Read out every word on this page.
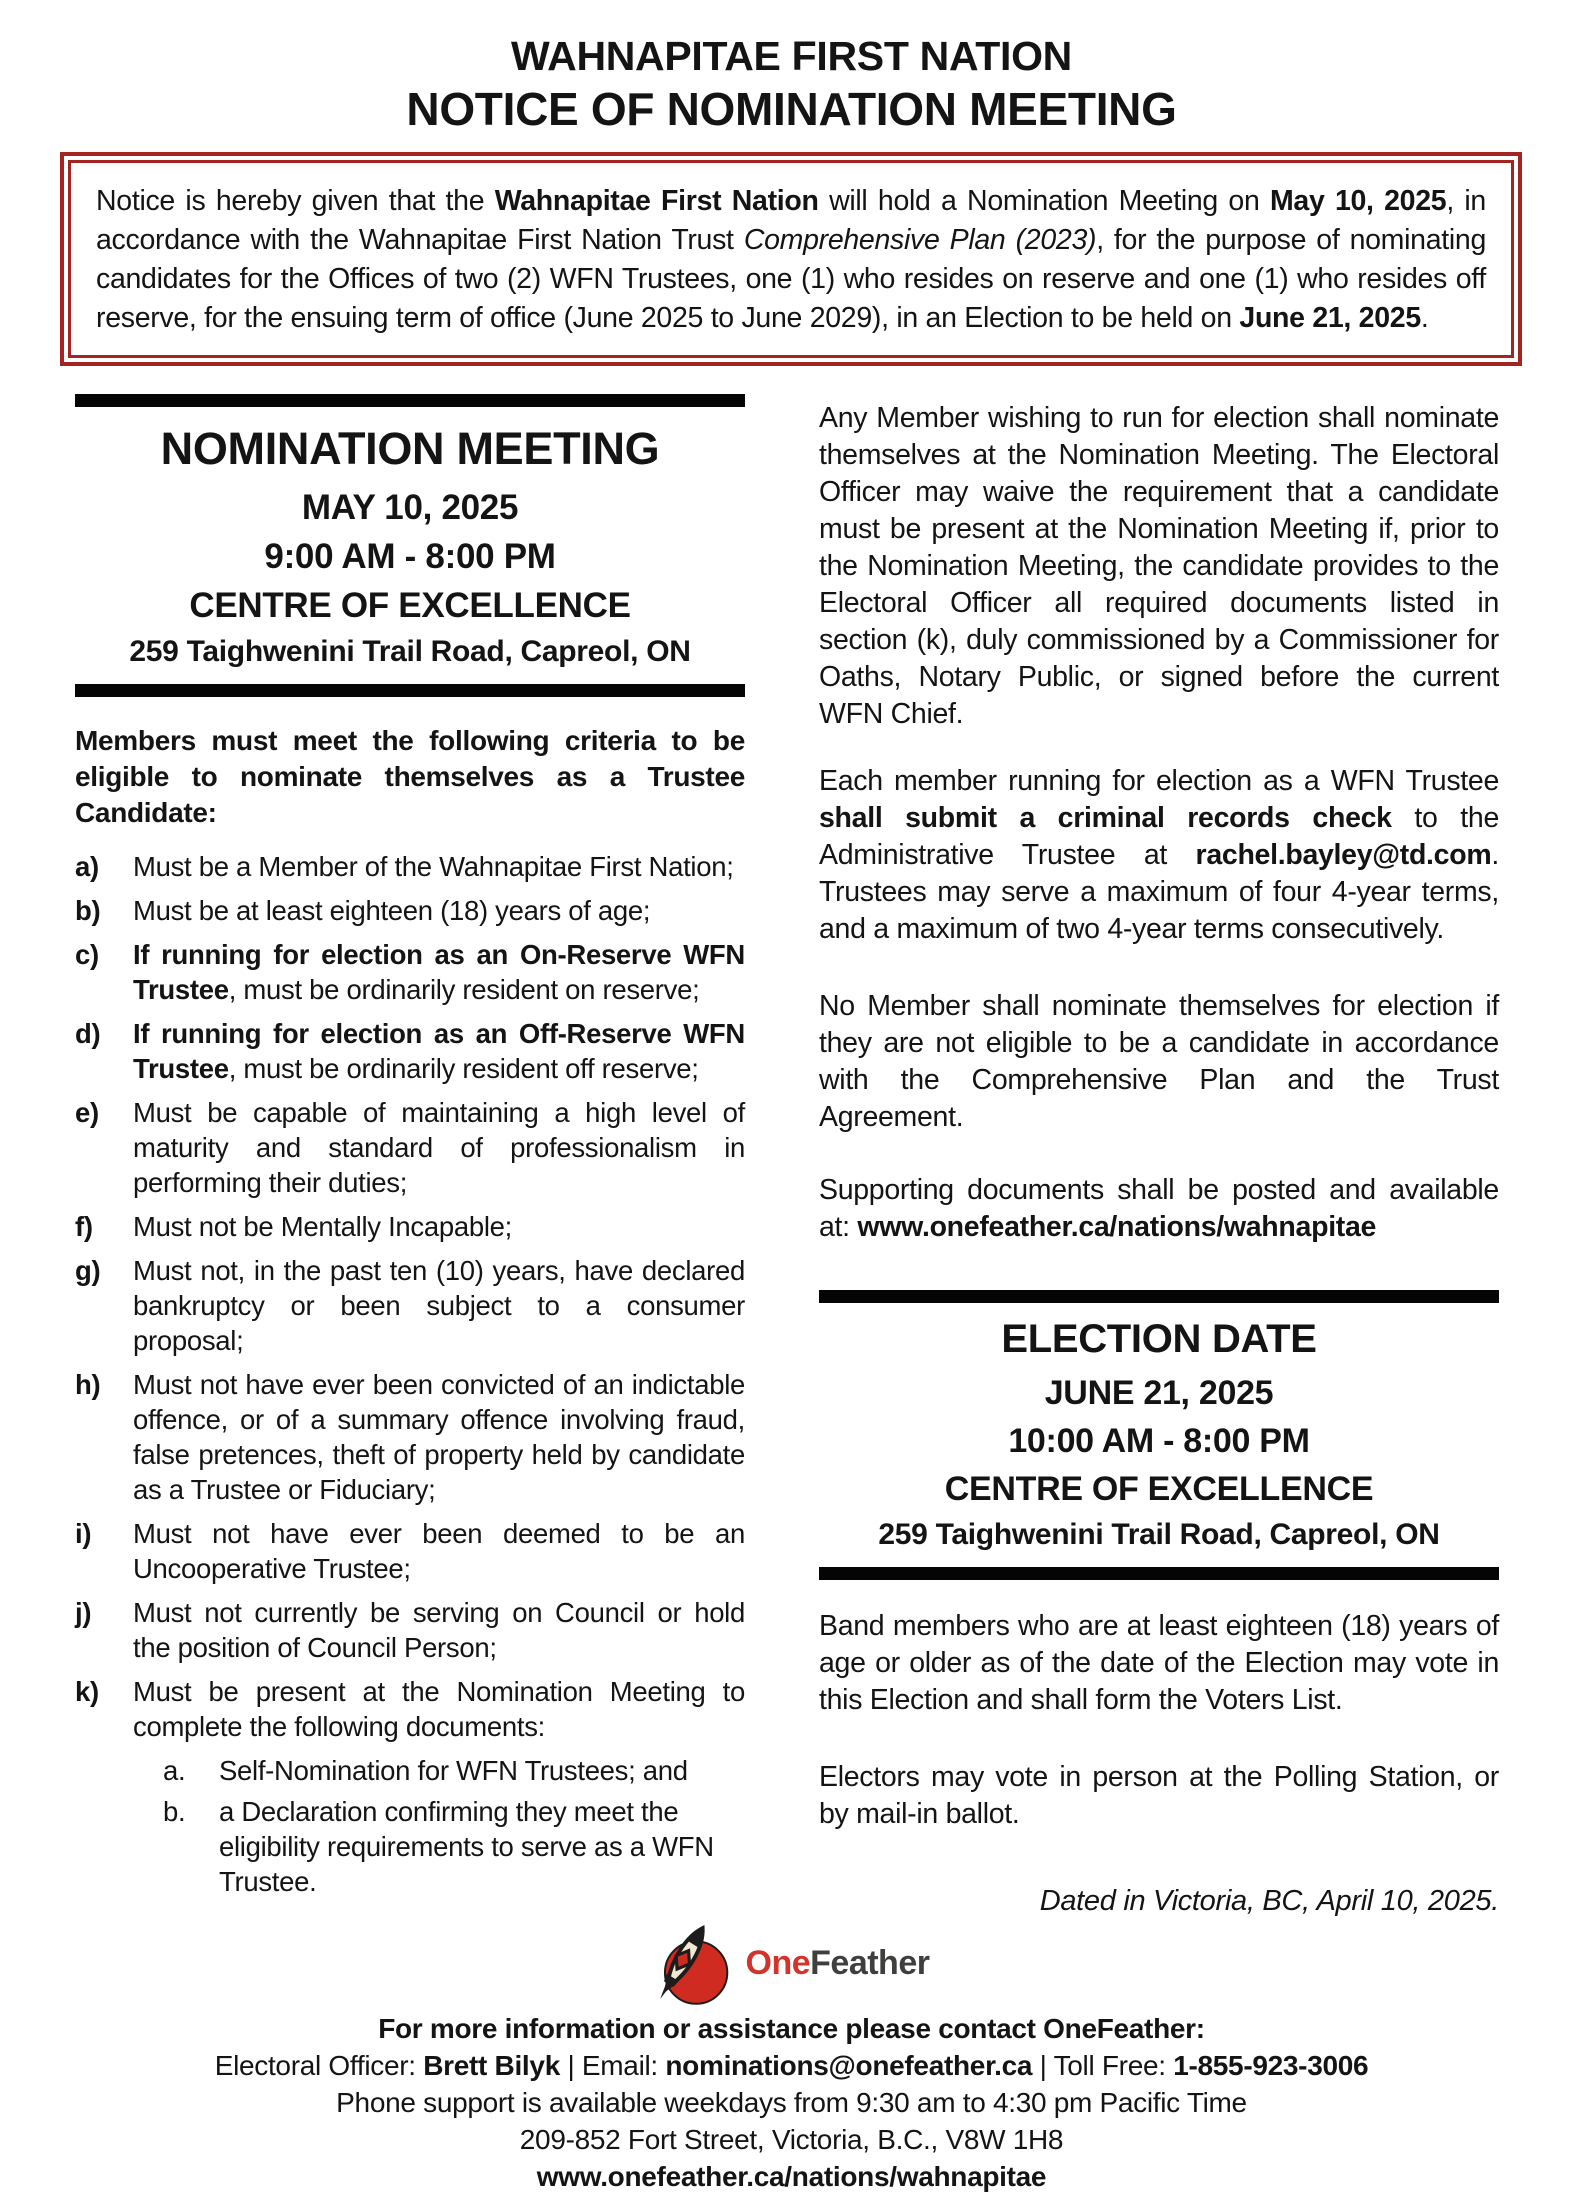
WAHNAPITAE FIRST NATION
NOTICE OF NOMINATION MEETING

Notice is hereby given that the Wahnapitae First Nation will hold a Nomination Meeting on May 10, 2025, in accordance with the Wahnapitae First Nation Trust Comprehensive Plan (2023), for the purpose of nominating candidates for the Offices of two (2) WFN Trustees, one (1) who resides on reserve and one (1) who resides off reserve, for the ensuing term of office (June 2025 to June 2029), in an Election to be held on June 21, 2025.

NOMINATION MEETING
MAY 10, 2025
9:00 AM - 8:00 PM
CENTRE OF EXCELLENCE
259 Taighwenini Trail Road, Capreol, ON

Members must meet the following criteria to be eligible to nominate themselves as a Trustee Candidate:

a)	Must be a Member of the Wahnapitae First Nation;
b)	Must be at least eighteen (18) years of age;
c)	If running for election as an On-Reserve WFN Trustee, must be ordinarily resident on reserve;
d)	If running for election as an Off-Reserve WFN Trustee, must be ordinarily resident off reserve;
e)	Must be capable of maintaining a high level of maturity and standard of professionalism in performing their duties;
f)	Must not be Mentally Incapable;
g)	Must not, in the past ten (10) years, have declared bankruptcy or been subject to a consumer proposal;
h)	Must not have ever been convicted of an indictable offence, or of a summary offence involving fraud, false pretences, theft of property held by candidate as a Trustee or Fiduciary;
i)	Must not have ever been deemed to be an Uncooperative Trustee;
j)	Must not currently be serving on Council or hold the position of Council Person;
k)	Must be present at the Nomination Meeting to complete the following documents:
a.	Self-Nomination for WFN Trustees; and
b.	a Declaration confirming they meet the eligibility requirements to serve as a WFN Trustee.

Any Member wishing to run for election shall nominate themselves at the Nomination Meeting. The Electoral Officer may waive the requirement that a candidate must be present at the Nomination Meeting if, prior to the Nomination Meeting, the candidate provides to the Electoral Officer all required documents listed in section (k), duly commissioned by a Commissioner for Oaths, Notary Public, or signed before the current WFN Chief.

Each member running for election as a WFN Trustee shall submit a criminal records check to the Administrative Trustee at rachel.bayley@td.com. Trustees may serve a maximum of four 4-year terms, and a maximum of two 4-year terms consecutively.

No Member shall nominate themselves for election if they are not eligible to be a candidate in accordance with the Comprehensive Plan and the Trust Agreement.

Supporting documents shall be posted and available at: www.onefeather.ca/nations/wahnapitae

ELECTION DATE
JUNE 21, 2025
10:00 AM - 8:00 PM
CENTRE OF EXCELLENCE
259 Taighwenini Trail Road, Capreol, ON

Band members who are at least eighteen (18) years of age or older as of the date of the Election may vote in this Election and shall form the Voters List.

Electors may vote in person at the Polling Station, or by mail-in ballot.

Dated in Victoria, BC, April 10, 2025.

OneFeather
For more information or assistance please contact OneFeather:
Electoral Officer: Brett Bilyk | Email: nominations@onefeather.ca | Toll Free: 1-855-923-3006
Phone support is available weekdays from 9:30 am to 4:30 pm Pacific Time
209-852 Fort Street, Victoria, B.C., V8W 1H8
www.onefeather.ca/nations/wahnapitae
